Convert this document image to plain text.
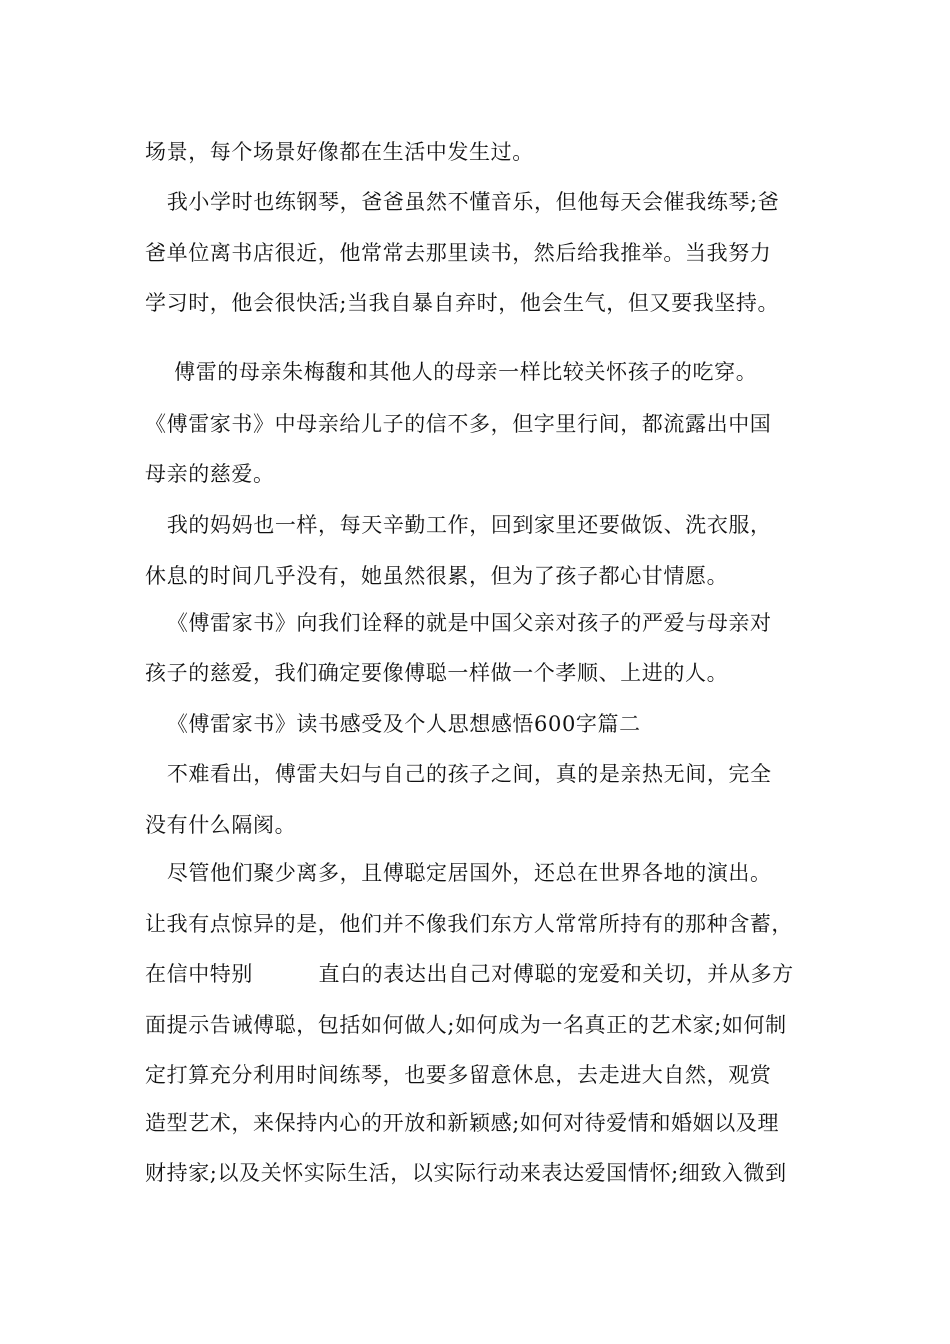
场景，每个场景好像都在生活中发生过。
我小学时也练钢琴，爸爸虽然不懂音乐，但他每天会催我练琴;爸
爸单位离书店很近，他常常去那里读书，然后给我推举。当我努力
学习时，他会很快活;当我自暴自弃时，他会生气，但又要我坚持。
傅雷的母亲朱梅馥和其他人的母亲一样比较关怀孩子的吃穿。
《傅雷家书》中母亲给儿子的信不多，但字里行间，都流露出中国
母亲的慈爱。
我的妈妈也一样，每天辛勤工作，回到家里还要做饭、洗衣服，
休息的时间几乎没有，她虽然很累，但为了孩子都心甘情愿。
《傅雷家书》向我们诠释的就是中国父亲对孩子的严爱与母亲对
孩子的慈爱，我们确定要像傅聪一样做一个孝顺、上进的人。
《傅雷家书》读书感受及个人思想感悟600字篇二
不难看出，傅雷夫妇与自己的孩子之间，真的是亲热无间，完全
没有什么隔阂。
尽管他们聚少离多，且傅聪定居国外，还总在世界各地的演出。
让我有点惊异的是，他们并不像我们东方人常常所持有的那种含蓄，
在信中特别         直白的表达出自己对傅聪的宠爱和关切，并从多方
面提示告诫傅聪，包括如何做人;如何成为一名真正的艺术家;如何制
定打算充分利用时间练琴，也要多留意休息，去走进大自然，观赏
造型艺术，来保持内心的开放和新颖感;如何对待爱情和婚姻以及理
财持家;以及关怀实际生活，以实际行动来表达爱国情怀;细致入微到
